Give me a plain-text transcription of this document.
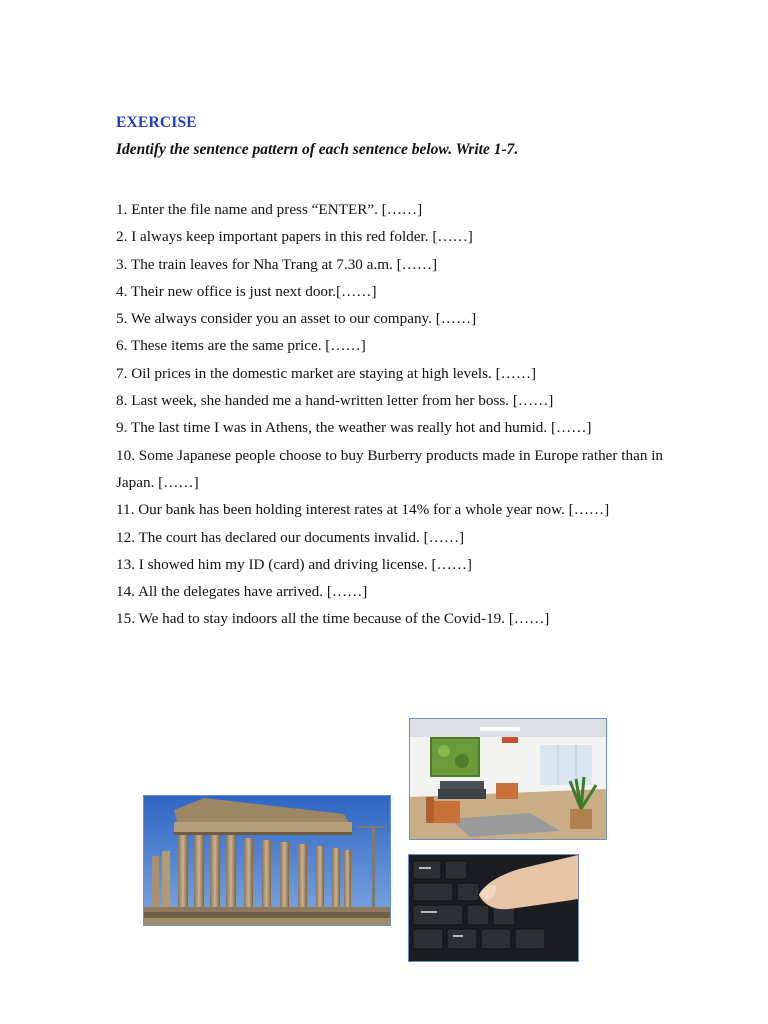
EXERCISE
Identify the sentence pattern of each sentence below. Write 1-7.
1. Enter the file name and press “ENTER”. [……]
2. I always keep important papers in this red folder. [……]
3. The train leaves for Nha Trang at 7.30 a.m. [……]
4. Their new office is just next door.[……]
5. We always consider you an asset to our company. [……]
6. These items are the same price. [……]
7. Oil prices in the domestic market are staying at high levels. [……]
8. Last week, she handed me a hand-written letter from her boss. [……]
9. The last time I was in Athens, the weather was really hot and humid. [……]
10. Some Japanese people choose to buy Burberry products made in Europe rather than in Japan. [……]
11. Our bank has been holding interest rates at 14% for a whole year now. [……]
12. The court has declared our documents invalid. [……]
13. I showed him my ID (card) and driving license. [……]
14. All the delegates have arrived. [……]
15. We had to stay indoors all the time because of the Covid-19. [……]
